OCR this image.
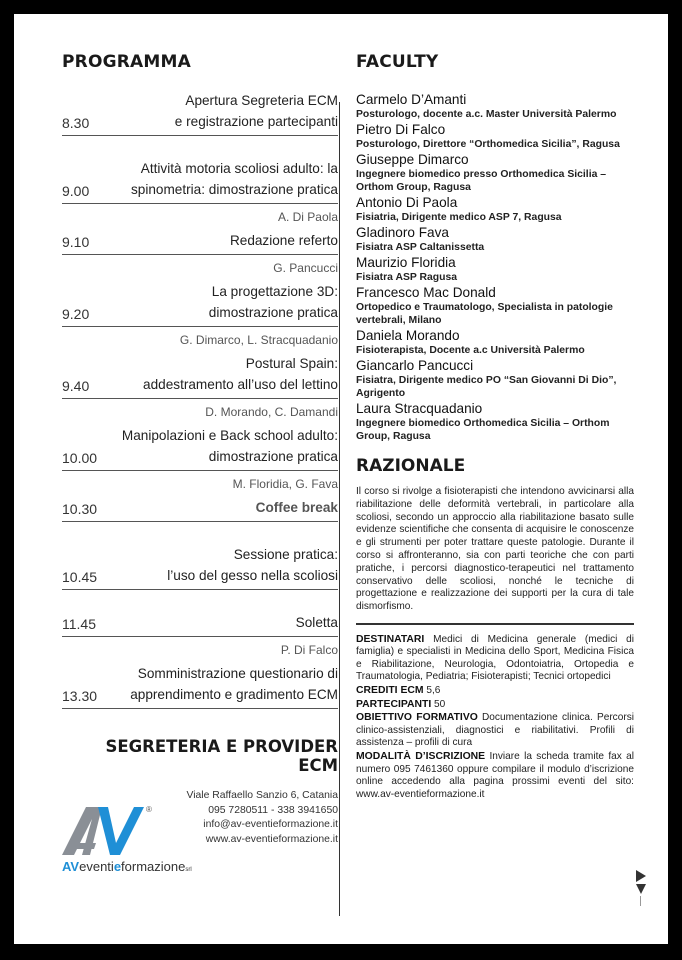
PROGRAMMA
Apertura Segreteria ECM
e registrazione partecipanti
8.30
Attività motoria scoliosi adulto: la
spinometria: dimostrazione pratica
9.00
A. Di Paola
Redazione referto
9.10
G. Pancucci
La progettazione 3D:
dimostrazione pratica
9.20
G. Dimarco, L. Stracquadanio
Postural Spain:
addestramento all’uso del lettino
9.40
D. Morando, C. Damandi
Manipolazioni e Back school adulto:
dimostrazione pratica
10.00
M. Floridia, G. Fava
Coffee break
10.30
Sessione pratica:
l’uso del gesso nella scoliosi
10.45
Soletta
11.45
P. Di Falco
Somministrazione questionario di
apprendimento e gradimento ECM
13.30
SEGRETERIA E PROVIDER ECM
®
AVeventieformazionesrl
Viale Raffaello Sanzio 6, Catania
095 7280511 - 338 3941650
info@av-eventieformazione.it
www.av-eventieformazione.it
FACULTY
Carmelo D’Amanti
Posturologo, docente a.c. Master Università Palermo
Pietro Di Falco
Posturologo, Direttore “Orthomedica Sicilia”, Ragusa
Giuseppe Dimarco
Ingegnere biomedico presso Orthomedica Sicilia – Orthom Group, Ragusa
Antonio Di Paola
Fisiatria, Dirigente medico ASP 7, Ragusa
Gladinoro Fava
Fisiatra ASP Caltanissetta
Maurizio Floridia
Fisiatra ASP Ragusa
Francesco Mac Donald
Ortopedico e Traumatologo, Specialista in patologie vertebrali, Milano
Daniela Morando
Fisioterapista, Docente a.c Università Palermo
Giancarlo Pancucci
Fisiatra, Dirigente medico PO “San Giovanni Di Dio”, Agrigento
Laura Stracquadanio
Ingegnere biomedico Orthomedica Sicilia – Orthom Group, Ragusa
RAZIONALE
Il corso si rivolge a fisioterapisti che intendono avvicinarsi alla riabilitazione delle deformità vertebrali, in particolare alla scoliosi, secondo un approccio alla riabilitazione basato sulle evidenze scientifiche che consenta di acquisire le conoscenze e gli strumenti per poter trattare queste patologie. Durante il corso si affronteranno, sia con parti teoriche che con parti pratiche, i percorsi diagnostico-terapeutici nel trattamento conservativo delle scoliosi, nonché le tecniche di progettazione e realizzazione dei supporti per la cura di tale dismorfismo.

DESTINATARI Medici di Medicina generale (medici di famiglia) e specialisti in Medicina dello Sport, Medicina Fisica e Riabilitazione, Neurologia, Odontoiatria, Ortopedia e Traumatologia, Pediatria; Fisioterapisti; Tecnici ortopedici

CREDITI ECM 5,6

PARTECIPANTI 50

OBIETTIVO FORMATIVO Documentazione clinica. Percorsi clinico-assistenziali, diagnostici e riabilitativi. Profili di assistenza – profili di cura

MODALITÀ D’ISCRIZIONE Inviare la scheda tramite fax al numero 095 7461360 oppure compilare il modulo d’iscrizione online accedendo alla pagina prossimi eventi del sito: www.av-eventieformazione.it
